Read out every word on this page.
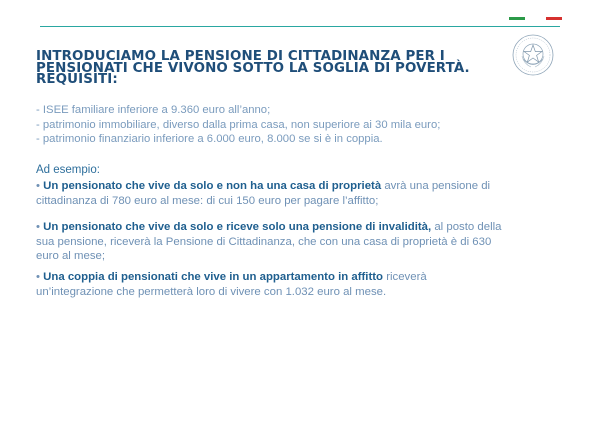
INTRODUCIAMO LA PENSIONE DI CITTADINANZA PER I
PENSIONATI CHE VIVONO SOTTO LA SOGLIA DI POVERTÀ.
REQUISITI:
- ISEE familiare inferiore a 9.360 euro all’anno;
- patrimonio immobiliare, diverso dalla prima casa, non superiore ai 30 mila euro;
- patrimonio finanziario inferiore a 6.000 euro, 8.000 se si è in coppia.
Ad esempio:
• Un pensionato che vive da solo e non ha una casa di proprietà avrà una pensione di
cittadinanza di 780 euro al mese: di cui 150 euro per pagare l’affitto;
• Un pensionato che vive da solo e riceve solo una pensione di invalidità, al posto della
sua pensione, riceverà la Pensione di Cittadinanza, che con una casa di proprietà è di 630
euro al mese;
• Una coppia di pensionati che vive in un appartamento in affitto riceverà
un’integrazione che permetterà loro di vivere con 1.032 euro al mese.
